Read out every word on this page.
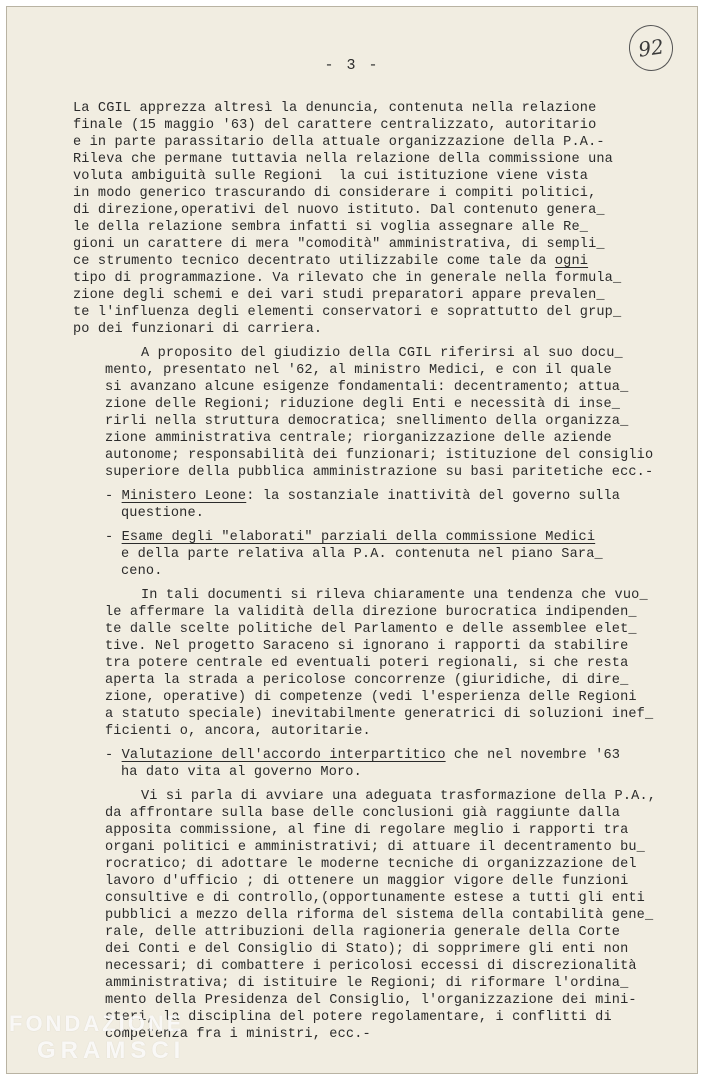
- 3 -
92
La CGIL apprezza altresì la denuncia, contenuta nella relazione
finale (15 maggio '63) del carattere centralizzato, autoritario
e in parte parassitario della attuale organizzazione della P.A.-
Rileva che permane tuttavia nella relazione della commissione una
voluta ambiguità sulle Regioni  la cui istituzione viene vista
in modo generico trascurando di considerare i compiti politici,
di direzione,operativi del nuovo istituto. Dal contenuto genera_
le della relazione sembra infatti si voglia assegnare alle Re_
gioni un carattere di mera "comodità" amministrativa, di sempli_
ce strumento tecnico decentrato utilizzabile come tale da ogni
tipo di programmazione. Va rilevato che in generale nella formula_
zione degli schemi e dei vari studi preparatori appare prevalen_
te l'influenza degli elementi conservatori e soprattutto del grup_
po dei funzionari di carriera.
A proposito del giudizio della CGIL riferirsi al suo docu_
mento, presentato nel '62, al ministro Medici, e con il quale
si avanzano alcune esigenze fondamentali: decentramento; attua_
zione delle Regioni; riduzione degli Enti e necessità di inse_
rirli nella struttura democratica; snellimento della organizza_
zione amministrativa centrale; riorganizzazione delle aziende
autonome; responsabilità dei funzionari; istituzione del consiglio
superiore della pubblica amministrazione su basi paritetiche ecc.-
- Ministero Leone: la sostanziale inattività del governo sulla
questione.
- Esame degli "elaborati" parziali della commissione Medici
e della parte relativa alla P.A. contenuta nel piano Sara_
ceno.
In tali documenti si rileva chiaramente una tendenza che vuo_
le affermare la validità della direzione burocratica indipenden_
te dalle scelte politiche del Parlamento e delle assemblee elet_
tive. Nel progetto Saraceno si ignorano i rapporti da stabilire
tra potere centrale ed eventuali poteri regionali, si che resta
aperta la strada a pericolose concorrenze (giuridiche, di dire_
zione, operative) di competenze (vedi l'esperienza delle Regioni
a statuto speciale) inevitabilmente generatrici di soluzioni inef_
ficienti o, ancora, autoritarie.
- Valutazione dell'accordo interpartitico che nel novembre '63
ha dato vita al governo Moro.
Vi si parla di avviare una adeguata trasformazione della P.A.,
da affrontare sulla base delle conclusioni già raggiunte dalla
apposita commissione, al fine di regolare meglio i rapporti tra
organi politici e amministrativi; di attuare il decentramento bu_
rocratico; di adottare le moderne tecniche di organizzazione del
lavoro d'ufficio ; di ottenere un maggior vigore delle funzioni
consultive e di controllo,(opportunamente estese a tutti gli enti
pubblici a mezzo della riforma del sistema della contabilità gene_
rale, delle attribuzioni della ragioneria generale della Corte
dei Conti e del Consiglio di Stato); di sopprimere gli enti non
necessari; di combattere i pericolosi eccessi di discrezionalità
amministrativa; di istituire le Regioni; di riformare l'ordina_
mento della Presidenza del Consiglio, l'organizzazione dei mini-
steri, la disciplina del potere regolamentare, i conflitti di
competenza fra i ministri, ecc.-
FONDAZIONE
GRAMSCI
